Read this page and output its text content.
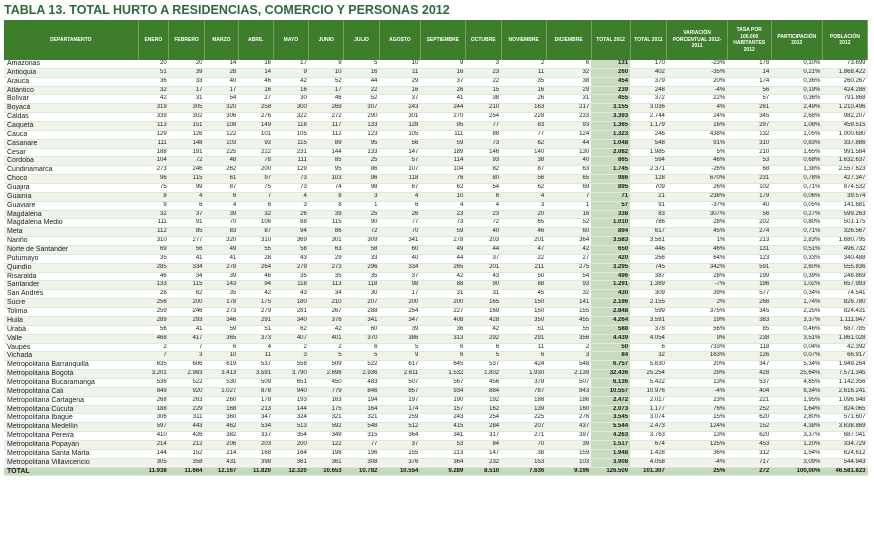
TABLA 13. TOTAL HURTO A RESIDENCIAS, COMERCIO Y PERSONAS 2012
DEPARTAMENTO	ENERO	FEBRERO	MARZO	ABRIL	MAYO	JUNIO	JULIO	AGOSTO	SEPTIEMBRE	OCTUBRE	NOVIEMBRE	DICIEMBRE	TOTAL 2012	TOTAL 2011	VARIACIÓN PORCENTUAL 2012-2011	TASA POR 100.000 HABITANTES 2012	PARTICIPACIÓN 2012	POBLACIÓN 2012
Amazonas	20	20	14	16	17	9	5	10	9	3	2	6	131	170	-23%	178	0,10%	73.699
Antioquia	51	39	28	14	9	10	16	11	16	23	11	32	260	402	-35%	14	0,21%	1.868.422
Arauca	36	33	40	46	42	52	44	29	37	22	35	38	454	379	20%	174	0,36%	260.267
Atlántico	32	17	17	16	16	17	22	16	26	15	16	29	239	248	-4%	56	0,19%	424.286
Bolívar	42	31	54	27	30	46	52	37	41	38	26	31	455	372	22%	57	0,36%	791.868
Boyacá	319	305	320	258	300	269	307	243	244	210	163	217	3.155	3.036	4%	261	2,49%	1.210.496
Caldas	339	302	306	276	322	272	290	301	270	254	228	233	3.393	2.744	24%	345	2,68%	982.207
Caquetá	113	151	108	149	118	117	133	128	95	77	83	93	1.365	1.179	16%	297	1,08%	459.515
Cauca	129	126	122	101	105	112	123	105	111	88	77	124	1.323	246	438%	132	1,05%	1.000.680
Casanare	111	148	103	93	115	89	95	56	59	73	62	44	1.048	548	91%	310	0,83%	337.886
Cesar	188	191	225	222	231	144	133	147	189	146	140	130	2.082	1.985	5%	210	1,65%	991.584
Córdoba	104	72	48	78	111	85	25	57	114	93	38	40	865	594	46%	53	0,68%	1.632.637
Cundinamarca	273	246	262	200	129	95	86	107	104	82	87	63	1.745	2.371	-26%	68	1,38%	2.557.623
Chocó	96	115	61	97	73	103	96	118	76	80	56	65	986	128	670%	231	0,78%	427.347
Guajira	75	99	87	75	73	74	98	67	62	54	62	69	895	709	26%	102	0,71%	874.532
Guainía	8	4	6	7	4	8	3	4	10	6	4	7	71	21	238%	179	0,06%	39.574
Guaviare	9	6	4	6	3	8	1	6	4	4	3	1	57	91	-37%	40	0,05%	141.681
Magdalena	32	37	39	32	26	39	25	26	23	23	20	16	338	83	307%	56	0,27%	599.263
Magdalena Medio	111	91	70	106	88	115	90	77	73	72	65	52	1.010	786	28%	202	0,80%	501.175
Meta	112	85	83	87	94	86	72	70	59	40	46	60	894	617	45%	274	0,71%	326.567
Nariño	310	277	320	310	369	301	309	341	278	203	201	364	3.583	3.561	1%	213	2,83%	1.680.795
Norte de Santander	69	56	49	55	58	63	58	60	49	44	47	42	650	446	46%	131	0,51%	496.732
Putumayo	35	41	41	28	43	29	33	40	44	37	22	27	420	256	64%	123	0,33%	340.488
Quindío	285	334	278	264	279	273	296	334	265	201	211	275	3.295	745	342%	591	2,60%	555.836
Risaralda	46	34	39	46	35	35	35	37	42	43	50	54	496	387	28%	199	0,39%	248.869
Santander	133	115	143	94	118	113	118	98	88	90	88	93	1.291	1.389	-7%	196	1,02%	657.993
San Andrés	28	62	35	42	43	34	30	17	31	31	45	32	430	309	39%	577	0,34%	74.541
Sucre	256	200	178	175	180	210	207	200	200	165	150	141	2.196	2.155	2%	266	1,74%	826.780
Tolima	259	246	273	279	281	267	288	254	227	169	150	155	2.848	599	375%	345	2,25%	824.431
Huila	289	293	346	291	340	376	341	347	408	428	350	455	4.264	3.591	19%	383	3,37%	1.111.947
Urabá	56	41	59	51	62	42	60	39	36	42	51	55	588	378	56%	85	0,46%	687.785
Valle	468	417	365	373	407	401	370	386	313	292	291	356	4.439	4.054	9%	238	3,51%	1.861.028
Vaupés	2	7	6	4	2	2	6	5	6	6	11	2	50	6	733%	118	0,04%	42.392
Vichada	7	3	10	11	3	5	5	9	6	5	6	3	84	32	163%	126	0,07%	66.917
Metropolitana Barranquilla	635	606	619	537	558	509	522	617	645	537	424	548	6.757	5.630	20%	347	5,34%	1.949.264
Metropolitana Bogotá	3.201	2.983	3.413	3.591	3.790	2.698	2.936	2.611	1.532	1.802	1.930	2.139	32.436	25.254	29%	428	25,64%	7.571.345
Metropolitana Bucaramanga	536	522	530	509	651	450	483	507	567	456	378	507	6.136	5.422	13%	537	4,85%	1.142.356
Metropolitana Cali	849	920	1.027	878	940	779	846	857	934	884	787	843	10.557	10.976	-4%	404	8,34%	2.616.241
Metropolitana Cartagena	268	263	260	178	193	163	194	197	190	192	188	186	2.472	2.017	23%	221	1,95%	1.096.948
Metropolitana Cúcuta	188	229	168	213	144	175	164	174	157	162	139	160	2.073	1.177	76%	252	1,64%	824.065
Metropolitana Ibagué	306	311	360	347	324	321	321	259	243	254	225	276	3.545	3.074	15%	620	2,80%	571.607
Metropolitana Medellín	597	443	462	534	513	592	548	512	415	284	207	437	5.544	2.473	124%	152	4,38%	3.638.869
Metropolitana Pereira	410	426	382	337	354	349	315	364	341	317	271	397	4.263	3.763	13%	620	3,37%	687.041
Metropolitana Popayán	214	212	206	203	200	122	77	37	53	84	70	39	1.517	674	125%	453	1,20%	334.729
Metropolitana Santa Marta	144	152	214	168	164	198	196	155	213	147	38	159	1.948	1.428	36%	312	1,54%	624.612
Metropolitana Villavicencio	305	358	431	398	361	361	308	376	364	232	153	103	3.908	4.058	-4%	717	3,09%	544.943
TOTAL	11.938	11.664	12.167	11.820	12.320	10.653	10.782	10.554	9.289	8.510	7.636	9.196	126.509	101.307	25%	272	100,00%	46.581.823
